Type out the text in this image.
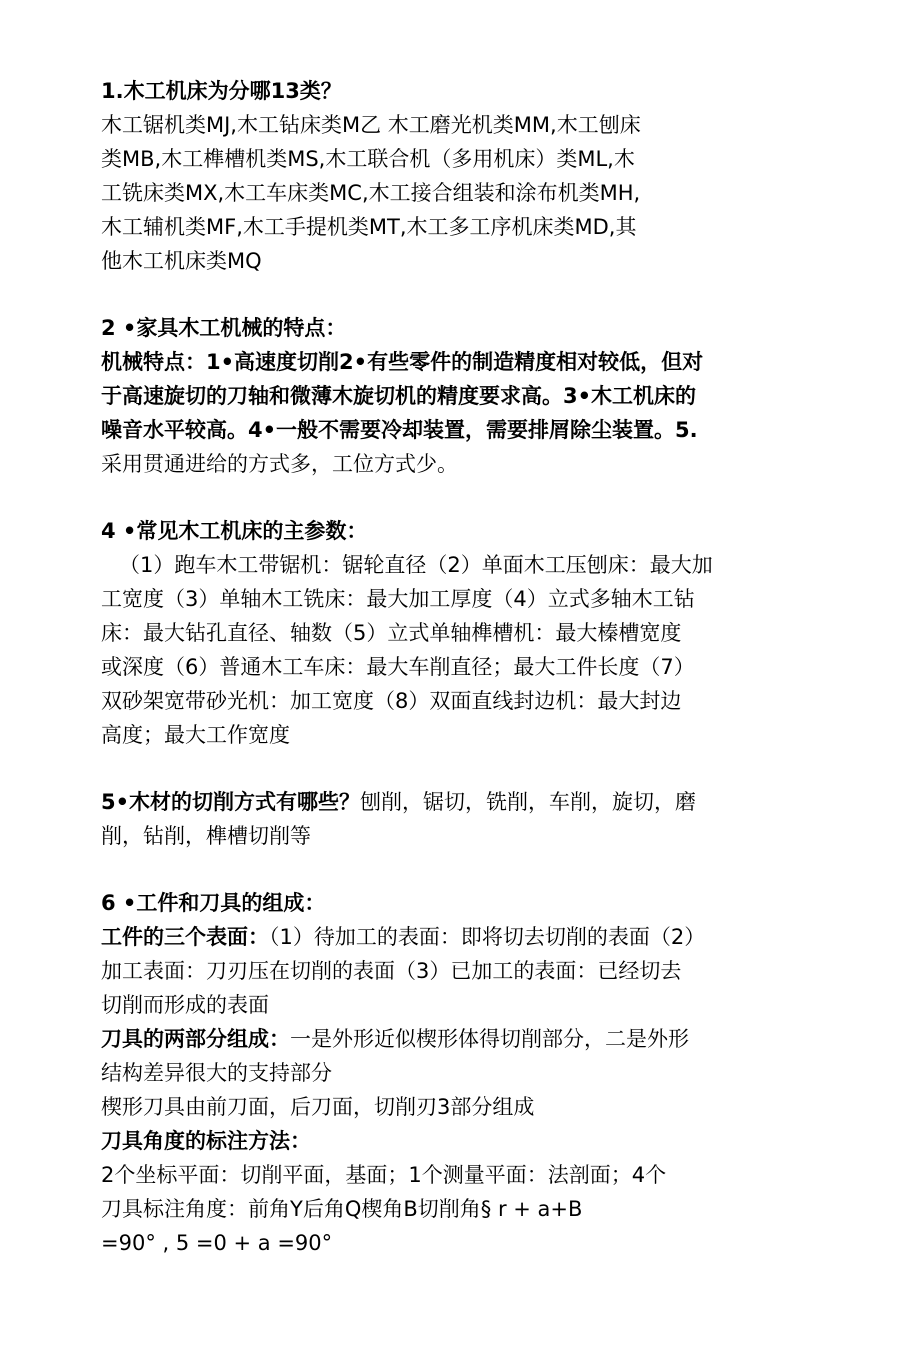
1.木工机床为分哪13类？
木工锯机类MJ,木工钻床类M乙 木工磨光机类MM,木工刨床
类MB,木工榫槽机类MS,木工联合机（多用机床）类ML,木
工铣床类MX,木工车床类MC,木工接合组装和涂布机类MH,
木工辅机类MF,木工手提机类MT,木工多工序机床类MD,其
他木工机床类MQ
2 •家具木工机械的特点：
机械特点：1•高速度切削2•有些零件的制造精度相对较低，但对
于高速旋切的刀轴和微薄木旋切机的精度要求高。3•木工机床的
噪音水平较高。4•一般不需要冷却装置，需要排屑除尘装置。5.
采用贯通进给的方式多，工位方式少。
4 •常见木工机床的主参数：
（1）跑车木工带锯机：锯轮直径（2）单面木工压刨床：最大加
工宽度（3）单轴木工铣床：最大加工厚度（4）立式多轴木工钻
床：最大钻孔直径、轴数（5）立式单轴榫槽机：最大榛槽宽度
或深度（6）普通木工车床：最大车削直径；最大工件长度（7）
双砂架宽带砂光机：加工宽度（8）双面直线封边机：最大封边
高度；最大工作宽度
5•木材的切削方式有哪些？刨削，锯切，铣削，车削，旋切，磨
削，钻削，榫槽切削等
6 •工件和刀具的组成：
工件的三个表面：（1）待加工的表面：即将切去切削的表面（2）
加工表面：刀刃压在切削的表面（3）已加工的表面：已经切去
切削而形成的表面
刀具的两部分组成：一是外形近似楔形体得切削部分，二是外形
结构差异很大的支持部分
楔形刀具由前刀面，后刀面，切削刃3部分组成
刀具角度的标注方法：
2个坐标平面：切削平面，基面；1个测量平面：法剖面；4个
刀具标注角度：前角Y后角Q楔角B切削角§ r + a+B
=90° , 5 =0 + a =90°
